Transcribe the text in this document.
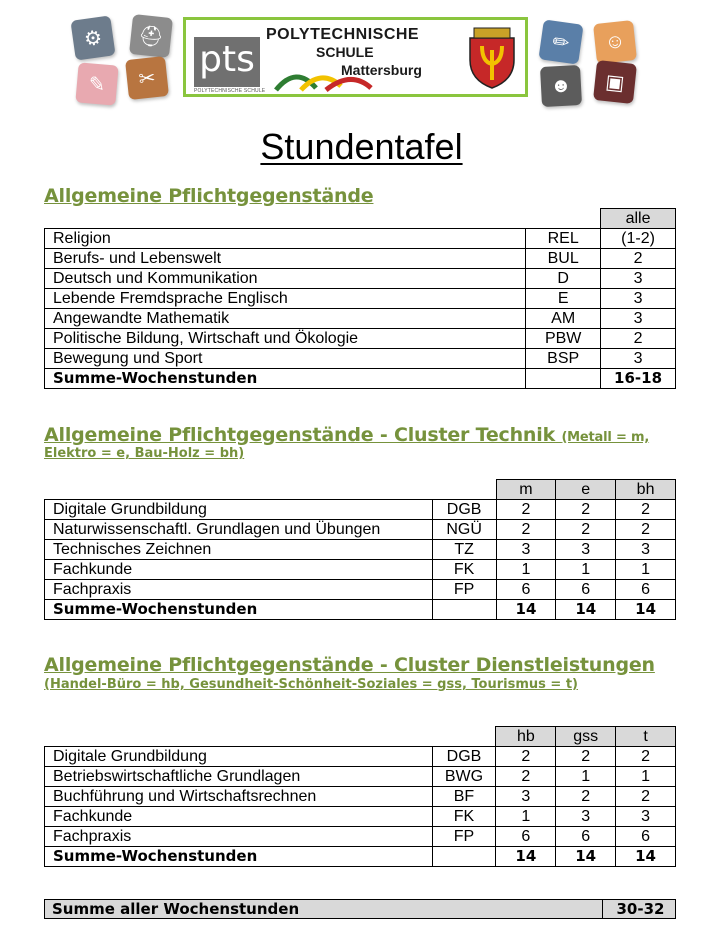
⚙	⛑
✎	✂	pts
POLYTECHNISCHE SCHULE
POLYTECHNISCHE
SCHULE
Mattersburg
✏	☺
☻	▣
Stundentafel
Allgemeine Pflichtgegenstände
		alle
Religion	REL	(1-2)
Berufs- und Lebenswelt	BUL	2
Deutsch und Kommunikation	D	3
Lebende Fremdsprache Englisch	E	3
Angewandte Mathematik	AM	3
Politische Bildung, Wirtschaft und Ökologie	PBW	2
Bewegung und Sport	BSP	3
Summe-Wochenstunden		16-18
Allgemeine Pflichtgegenstände - Cluster Technik (Metall = m,
Elektro = e, Bau-Holz = bh)
		m	e	bh
Digitale Grundbildung	DGB	2	2	2
Naturwissenschaftl. Grundlagen und Übungen	NGÜ	2	2	2
Technisches Zeichnen	TZ	3	3	3
Fachkunde	FK	1	1	1
Fachpraxis	FP	6	6	6
Summe-Wochenstunden		14	14	14
Allgemeine Pflichtgegenstände - Cluster Dienstleistungen
(Handel-Büro = hb, Gesundheit-Schönheit-Soziales = gss, Tourismus = t)
		hb	gss	t
Digitale Grundbildung	DGB	2	2	2
Betriebswirtschaftliche Grundlagen	BWG	2	1	1
Buchführung und Wirtschaftsrechnen	BF	3	2	2
Fachkunde	FK	1	3	3
Fachpraxis	FP	6	6	6
Summe-Wochenstunden		14	14	14
Summe aller Wochenstunden	30-32
